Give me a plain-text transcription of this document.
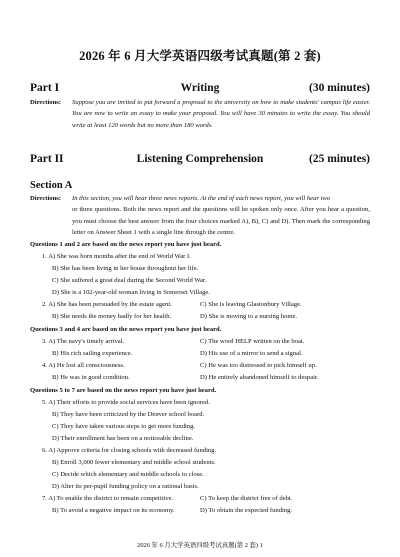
2026 年 6 月大学英语四级考试真题(第 2 套)
Part I	Writing	(30 minutes)
Directions: Suppose you are invited to put forward a proposal to the university on how to make students' campus life easier. You are now to write an essay to make your proposal. You will have 30 minutes to write the essay. You should write at least 120 words but no more than 180 words.
Part II	Listening Comprehension	(25 minutes)
Section A
Directions: In this section, you will hear three news reports. At the end of each news report, you will hear two
or three questions. Both the news report and the questions will be spoken only once. After you hear a question, you must choose the best answer from the four choices marked A), B), C) and D). Then mark the corresponding letter on Answer Sheet 1 with a single line through the centre.
Questions 1 and 2 are based on the news report you have just heard.
1. A) She was born months after the end of World War I.
B) She has been living in her house throughout her life.
C) She suffered a great deal during the Second World War.
D) She is a 102-year-old woman living in Somerset Village.
2. A) She has been persuaded by the estate agent.	C) She is leaving Glastonbury Village.
B) She needs the money badly for her health.	D) She is moving to a nursing home.
Questions 3 and 4 are based on the news report you have just heard.
3. A) The navy's timely arrival.	C) The word HELP written on the boat.
B) His rich sailing experience.	D) His use of a mirror to send a signal.
4. A) He lost all consciousness.	C) He was too distressed to pick himself up.
B) He was in good condition.	D) He entirely abandoned himself to despair.
Questions 5 to 7 are based on the news report you have just heard.
5. A) Their efforts to provide social services have been ignored.
B) They have been criticized by the Denver school board.
C) They have taken various steps to get more funding.
D) Their enrollment has been on a noticeable decline.
6. A) Approve criteria for closing schools with decreased funding.
B) Enroll 3,000 fewer elementary and middle school students.
C) Decide which elementary and middle schools to close.
D) Alter its per-pupil funding policy on a rational basis.
7. A) To enable the district to remain competitive.	C) To keep the district free of debt.
B) To avoid a negative impact on its economy.	D) To obtain the expected funding.
2026 年 6 月大学英语四级考试真题(第 2 套) 1
